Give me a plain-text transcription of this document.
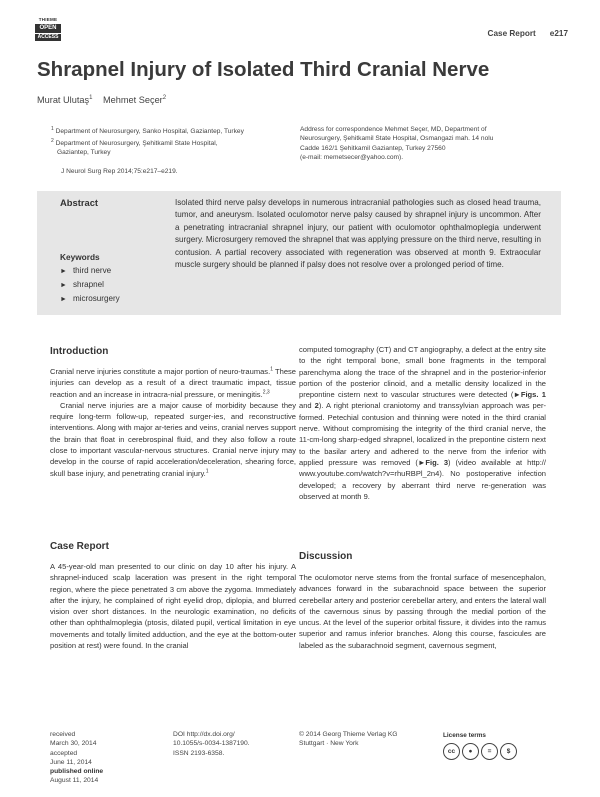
THIEME
OPEN
ACCESS	Case Report e217
Shrapnel Injury of Isolated Third Cranial Nerve
Murat Ulutaş$^1$ Mehmet Seçer$^2$
$^1$ Department of Neurosurgery, Sanko Hospital, Gaziantep, Turkey
$^2$ Department of Neurosurgery, Şehitkamil State Hospital,
Gaziantep, Turkey
Address for correspondence Mehmet Seçer, MD, Department of
Neurosurgery, Şehitkamil State Hospital, Osmangazi mah. 14 nolu
Cadde 162/1 Şehitkamil Gaziantep, Turkey 27560
(e-mail: memetsecer@yahoo.com).
J Neurol Surg Rep 2014;75:e217–e219.
Abstract	Isolated third nerve palsy develops in numerous intracranial pathologies such as closed head trauma, tumor, and aneurysm. Isolated oculomotor nerve palsy caused by shrapnel injury is uncommon. After a penetrating intracranial shrapnel injury, our patient with oculomotor ophthalmoplegia underwent surgery. Microsurgery removed the shrapnel that was applying pressure on the third nerve, resulting in contusion. A partial recovery associated with regeneration was observed at month 9. Extraocular muscle surgery should be planned if palsy does not resolve over a prolonged period of time.
Keywords
► third nerve
► shrapnel
► microsurgery
Introduction

Cranial nerve injuries constitute a major portion of neuro-traumas.$^1$ These injuries can develop as a result of a direct traumatic impact, tissue reaction and an increase in intracra-nial pressure, or meningitis.$^{2,3}$

Cranial nerve injuries are a major cause of morbidity because they require long-term follow-up, repeated surger-ies, and reconstructive interventions. Along with major ar-teries and veins, cranial nerves support the brain that float in cerebrospinal fluid, and they also follow a route close to important vascular-nervous structures. Cranial nerve injury may develop in the course of rapid acceleration/deceleration, shearing force, skull base injury, and penetrating cranial injury.$^1$

Case Report
A 45-year-old man presented to our clinic on day 10 after his injury. A shrapnel-induced scalp laceration was present in the right temporal region, where the piece penetrated 3 cm above the zygoma. Immediately after the injury, he complained of right eyelid drop, diplopia, and blurred vision over short distances. In the neurologic examination, no deficits other than ophthalmoplegia (ptosis, dilated pupil, vertical limitation in eye movements and totally limited adduction, and the eye at the bottom-outer position at rest) were found. In the cranial
computed tomography (CT) and CT angiography, a defect at the entry site to the right temporal bone, small bone fragments in the temporal parenchyma along the trace of the shrapnel and in the posterior-inferior portion of the posterior clinoid, and a metallic density localized in the prepontine cistern next to vascular structures were detected (►Figs. 1 and 2). A right pterional craniotomy and transsylvian approach was per-formed. Petechial contusion and thinning were noted in the third cranial nerve. Without compromising the integrity of the third cranial nerve, the 11-cm-long sharp-edged shrapnel, localized in the prepontine cistern next to the basilar artery and adhered to the nerve from the inferior with applied pressure was removed (►Fig. 3) (video available at http:// www.youtube.com/watch?v=rhuRBPl_2n4). No postoperative infection developed; a recovery by aberrant third nerve re-generation was observed at month 9.
Discussion
The oculomotor nerve stems from the frontal surface of mesencephalon, advances forward in the subarachnoid space between the superior cerebellar artery and posterior cerebellar artery, and enters the lateral wall of the cavernous sinus by passing through the medial portion of the uncus. At the level of the superior orbital fissure, it divides into the ramus superior and ramus inferior branches. Along this course, fascicules are labeled as the subarachnoid segment, cavernous segment,
received
March 30, 2014
accepted
June 11, 2014
published online
August 11, 2014
DOI http://dx.doi.org/
10.1055/s-0034-1387190.
ISSN 2193-6358.
© 2014 Georg Thieme Verlag KG
Stuttgart · New York
License terms
cc ● = $
